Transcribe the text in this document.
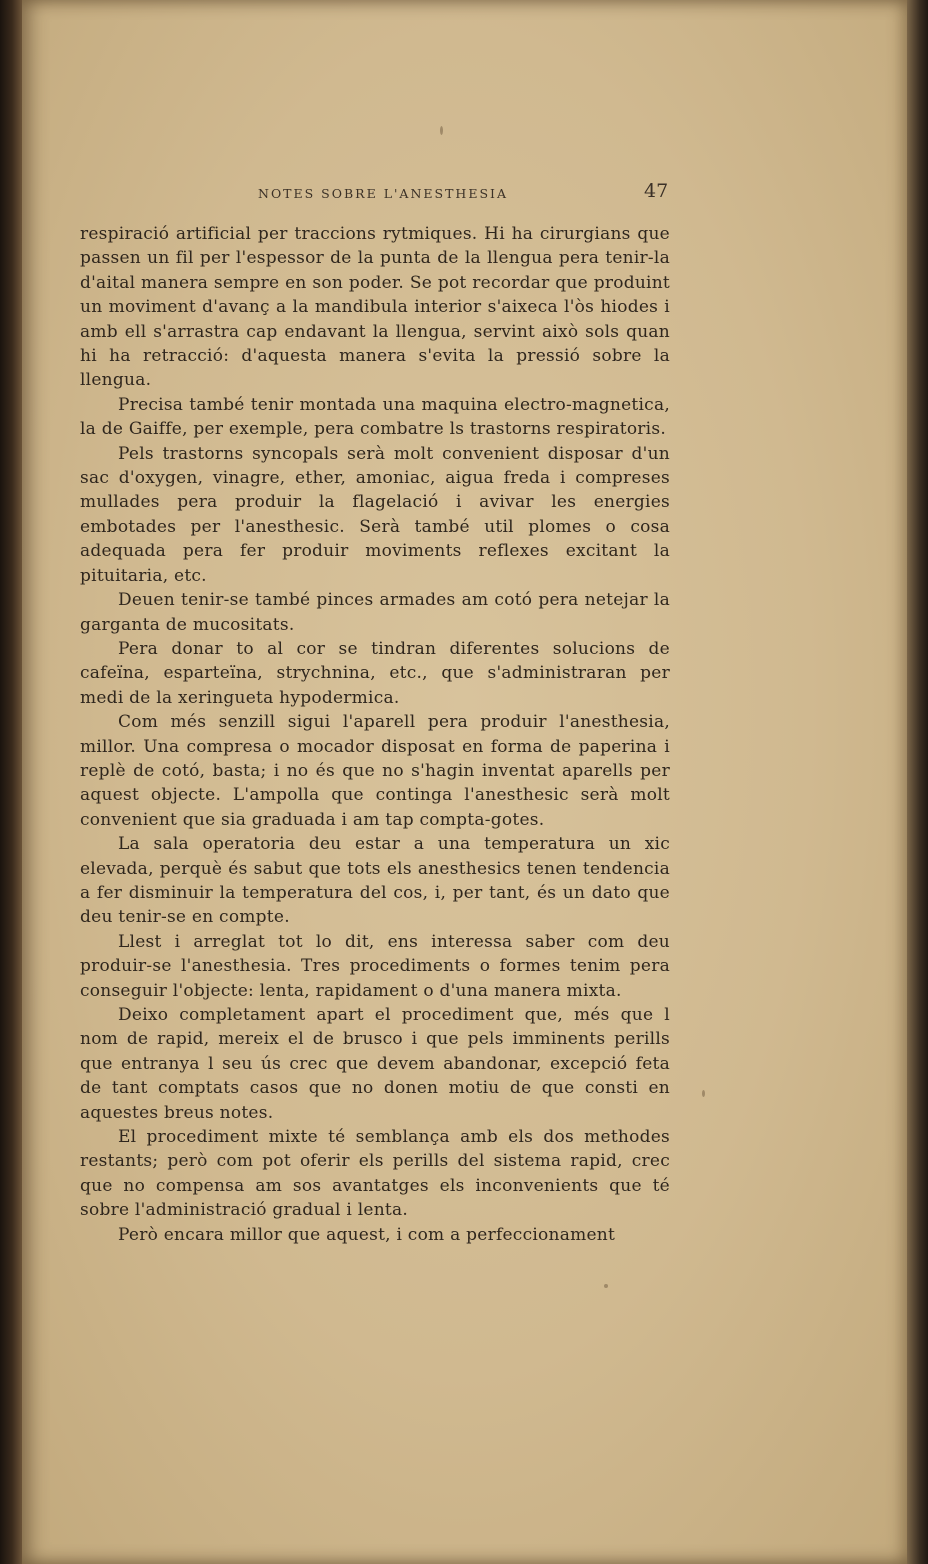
NOTES SOBRE L'ANESTHESIA	47

respiració artificial per traccions rytmiques. Hi ha cirurgians que passen un fil per l'espessor de la punta de la llengua pera tenir-la d'aital manera sempre en son poder. Se pot recordar que produint un moviment d'avanç a la mandibula interior s'aixeca l'òs hiodes i amb ell s'arrastra cap endavant la llengua, servint això sols quan hi ha retracció: d'aquesta manera s'evita la pressió sobre la llengua.

Precisa també tenir montada una maquina electro-magnetica, la de Gaiffe, per exemple, pera combatre ls trastorns respiratoris.

Pels trastorns syncopals serà molt convenient disposar d'un sac d'oxygen, vinagre, ether, amoniac, aigua freda i compreses mullades pera produir la flagelació i avivar les energies embotades per l'anesthesic. Serà també util plomes o cosa adequada pera fer produir moviments reflexes excitant la pituitaria, etc.

Deuen tenir-se també pinces armades am cotó pera netejar la garganta de mucositats.

Pera donar to al cor se tindran diferentes solucions de cafeïna, esparteïna, strychnina, etc., que s'administraran per medi de la xeringueta hypodermica.

Com més senzill sigui l'aparell pera produir l'anesthesia, millor. Una compresa o mocador disposat en forma de paperina i replè de cotó, basta; i no és que no s'hagin inventat aparells per aquest objecte. L'ampolla que continga l'anesthesic serà molt convenient que sia graduada i am tap compta-gotes.

La sala operatoria deu estar a una temperatura un xic elevada, perquè és sabut que tots els anesthesics tenen tendencia a fer disminuir la temperatura del cos, i, per tant, és un dato que deu tenir-se en compte.

Llest i arreglat tot lo dit, ens interessa saber com deu produir-se l'anesthesia. Tres procediments o formes tenim pera conseguir l'objecte: lenta, rapidament o d'una manera mixta.

Deixo completament apart el procediment que, més que l nom de rapid, mereix el de brusco i que pels imminents perills que entranya l seu ús crec que devem abandonar, excepció feta de tant comptats casos que no donen motiu de que consti en aquestes breus notes.

El procediment mixte té semblança amb els dos methodes restants; però com pot oferir els perills del sistema rapid, crec que no compensa am sos avantatges els inconvenients que té sobre l'administració gradual i lenta.

Però encara millor que aquest, i com a perfeccionament
